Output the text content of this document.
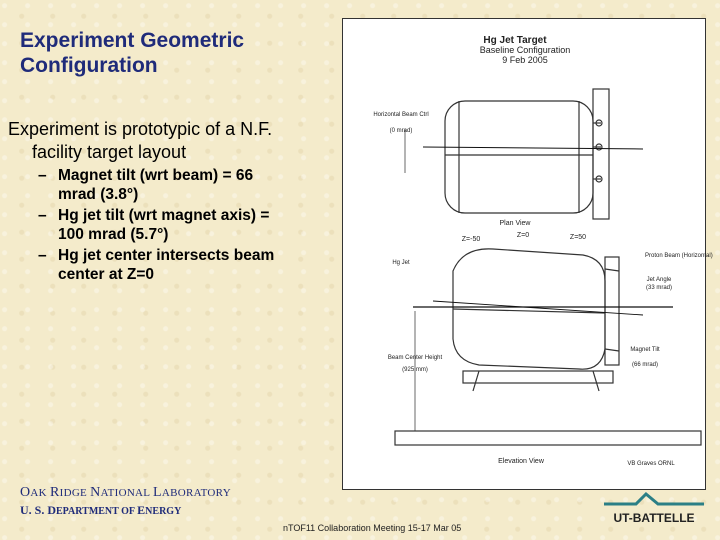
Experiment Geometric
Configuration
Experiment is prototypic of a N.F.
facility target layout
– Magnet tilt (wrt beam) = 66
mrad (3.8°)
– Hg jet tilt (wrt magnet axis) =
100 mrad (5.7°)
– Hg jet center intersects beam
center at Z=0
Hg Jet Target
Baseline Configuration
9 Feb 2005
Horizontal Beam Ctrl
(0 mrad)
Plan View
Z=-50
Z=0	Z=50
Hg Jet
Proton Beam (Horizontal)
Jet Angle
(33 mrad)
Magnet Tilt
(66 mrad)
Beam Center Height
(925 mm)
Elevation View	VB Graves ORNL
OAK RIDGE NATIONAL LABORATORY
U. S. DEPARTMENT OF ENERGY
nTOF11 Collaboration Meeting 15-17 Mar 05
UT-BATTELLE
